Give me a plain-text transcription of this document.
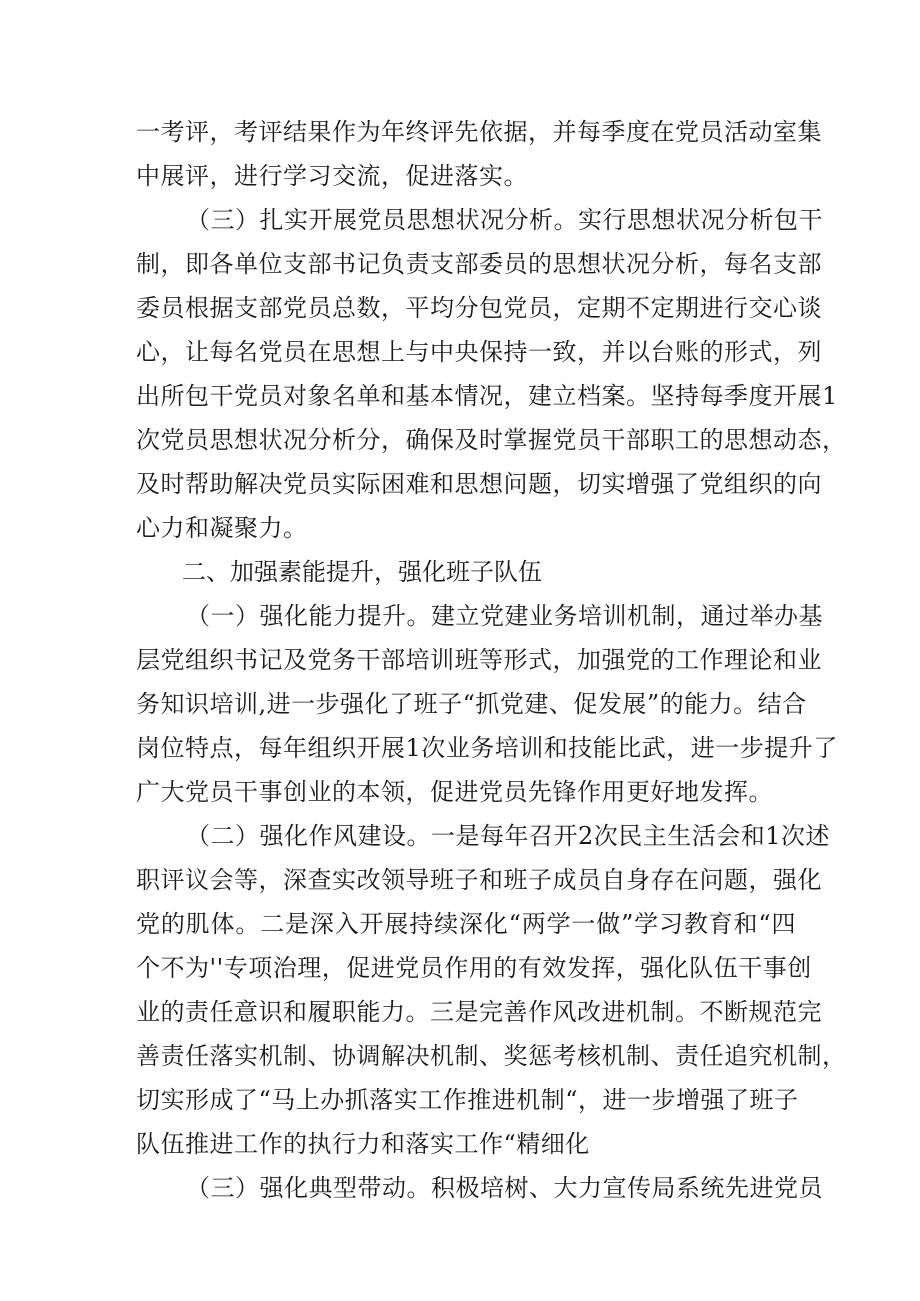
一考评，考评结果作为年终评先依据，并每季度在党员活动室集
中展评，进行学习交流，促进落实。
（三）扎实开展党员思想状况分析。实行思想状况分析包干
制，即各单位支部书记负责支部委员的思想状况分析，每名支部
委员根据支部党员总数，平均分包党员，定期不定期进行交心谈
心，让每名党员在思想上与中央保持一致，并以台账的形式，列
出所包干党员对象名单和基本情况，建立档案。坚持每季度开展1
次党员思想状况分析分，确保及时掌握党员干部职工的思想动态，
及时帮助解决党员实际困难和思想问题，切实增强了党组织的向
心力和凝聚力。
二、加强素能提升，强化班子队伍
（一）强化能力提升。建立党建业务培训机制，通过举办基
层党组织书记及党务干部培训班等形式，加强党的工作理论和业
务知识培训,进一步强化了班子“抓党建、促发展”的能力。结合
岗位特点，每年组织开展1次业务培训和技能比武，进一步提升了
广大党员干事创业的本领，促进党员先锋作用更好地发挥。
（二）强化作风建设。一是每年召开2次民主生活会和1次述
职评议会等，深查实改领导班子和班子成员自身存在问题，强化
党的肌体。二是深入开展持续深化“两学一做”学习教育和“四
个不为''专项治理，促进党员作用的有效发挥，强化队伍干事创
业的责任意识和履职能力。三是完善作风改进机制。不断规范完
善责任落实机制、协调解决机制、奖惩考核机制、责任追究机制，
切实形成了“马上办抓落实工作推进机制“，进一步增强了班子
队伍推进工作的执行力和落实工作“精细化
（三）强化典型带动。积极培树、大力宣传局系统先进党员
